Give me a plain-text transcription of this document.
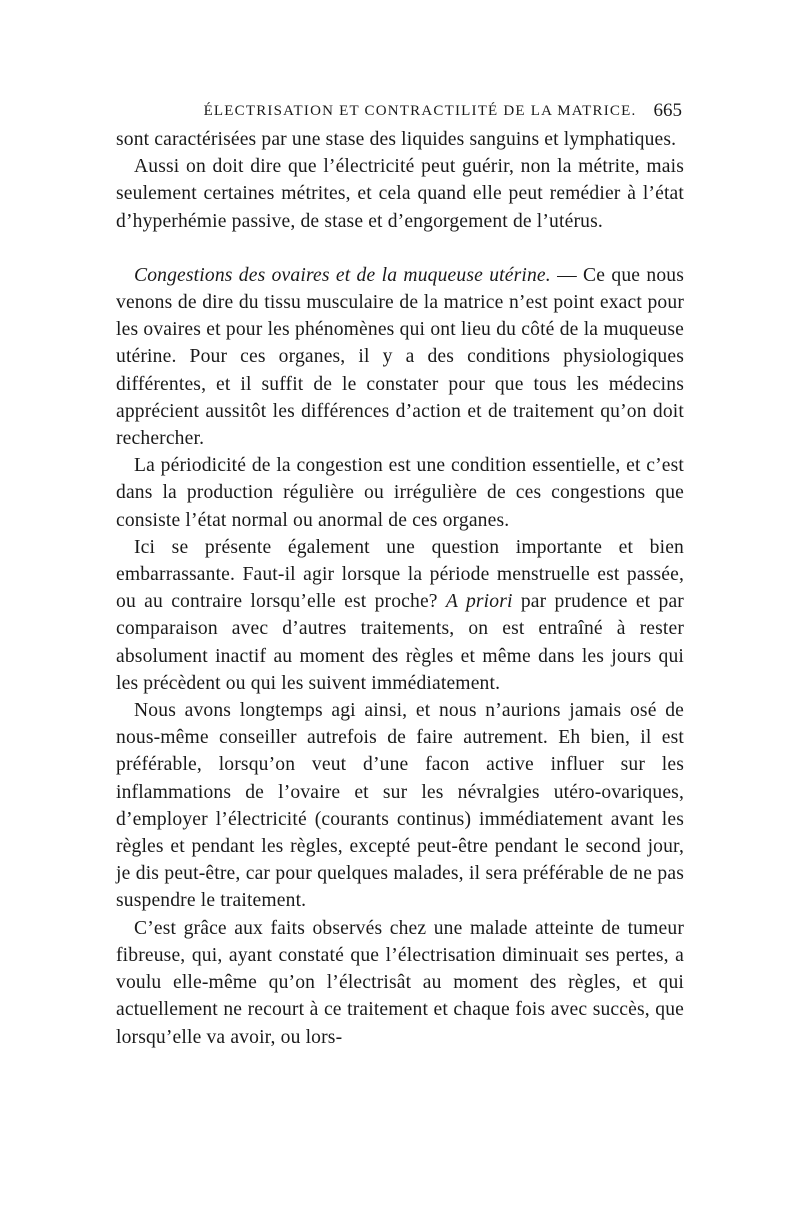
ÉLECTRISATION ET CONTRACTILITÉ DE LA MATRICE. 665

sont caractérisées par une stase des liquides sanguins et lymphatiques.

Aussi on doit dire que l’électricité peut guérir, non la métrite, mais seulement certaines métrites, et cela quand elle peut remédier à l’état d’hyperhémie passive, de stase et d’engorgement de l’utérus.

Congestions des ovaires et de la muqueuse utérine. — Ce que nous venons de dire du tissu musculaire de la matrice n’est point exact pour les ovaires et pour les phénomènes qui ont lieu du côté de la muqueuse utérine. Pour ces organes, il y a des conditions physiologiques différentes, et il suffit de le constater pour que tous les médecins apprécient aussitôt les différences d’action et de traitement qu’on doit rechercher.

La périodicité de la congestion est une condition essentielle, et c’est dans la production régulière ou irrégulière de ces congestions que consiste l’état normal ou anormal de ces organes.

Ici se présente également une question importante et bien embarrassante. Faut-il agir lorsque la période menstruelle est passée, ou au contraire lorsqu’elle est proche? A priori par prudence et par comparaison avec d’autres traitements, on est entraîné à rester absolument inactif au moment des règles et même dans les jours qui les précèdent ou qui les suivent immédiatement.

Nous avons longtemps agi ainsi, et nous n’aurions jamais osé de nous-même conseiller autrefois de faire autrement. Eh bien, il est préférable, lorsqu’on veut d’une facon active influer sur les inflammations de l’ovaire et sur les névralgies utéro-ovariques, d’employer l’électricité (courants continus) immédiatement avant les règles et pendant les règles, excepté peut-être pendant le second jour, je dis peut-être, car pour quelques malades, il sera préférable de ne pas suspendre le traitement.

C’est grâce aux faits observés chez une malade atteinte de tumeur fibreuse, qui, ayant constaté que l’électrisation diminuait ses pertes, a voulu elle-même qu’on l’électrisât au moment des règles, et qui actuellement ne recourt à ce traitement et chaque fois avec succès, que lorsqu’elle va avoir, ou lors-
